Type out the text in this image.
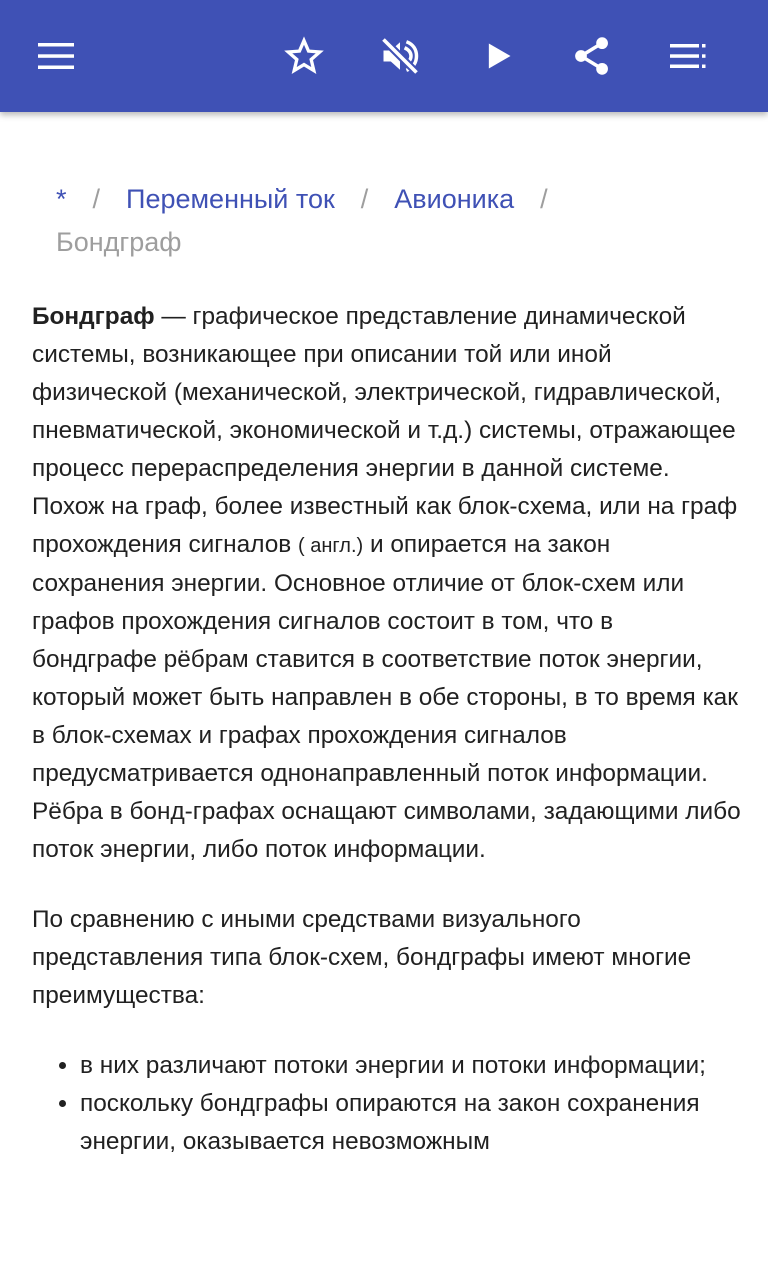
* / Переменный ток / Авионика /
Бондграф

Бондграф — графическое представление динамической системы, возникающее при описании той или иной физической (механической, электрической, гидравлической, пневматической, экономической и т.д.) системы, отражающее процесс перераспределения энергии в данной системе. Похож на граф, более известный как блок-схема, или на граф прохождения сигналов ( англ.) и опирается на закон сохранения энергии. Основное отличие от блок-схем или графов прохождения сигналов состоит в том, что в бондграфе рёбрам ставится в соответствие поток энергии, который может быть направлен в обе стороны, в то время как в блок-схемах и графах прохождения сигналов предусматривается однонаправленный поток информации. Рёбра в бонд-графах оснащают символами, задающими либо поток энергии, либо поток информации.

По сравнению с иными средствами визуального представления типа блок-схем, бондграфы имеют многие преимущества:

• в них различают потоки энергии и потоки информации;
• поскольку бондграфы опираются на закон сохранения энергии, оказывается невозможным
